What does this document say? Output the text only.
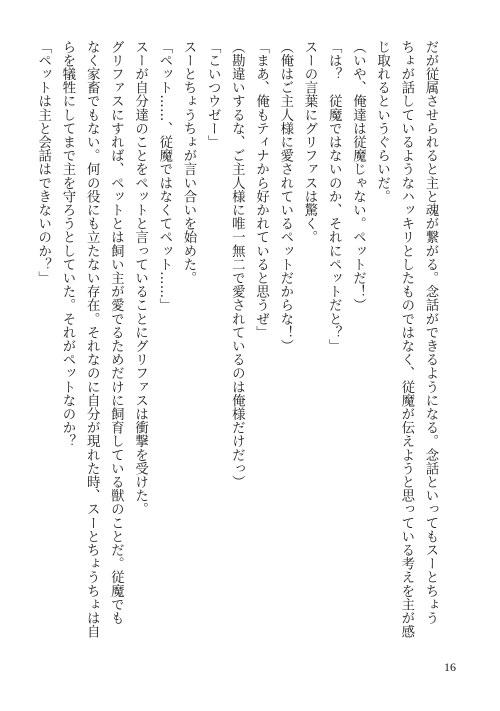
だが従属させられると主と魂が繋がる。念話ができるようになる。念話といってもスーとちょう
ちょが話しているようなハッキリとしたものではなく、従魔が伝えようと思っている考えを主が感
じ取れるというぐらいだ。
（いや、俺達は従魔じゃない。ペットだ！）
「は？　従魔ではないのか、それにペットだと？」
スーの言葉にグリファスは驚く。
（俺はご主人様に愛されているペットだからな！）
「まあ、俺もティナから好かれていると思うぜ」
（勘違いするな、ご主人様に唯一無二で愛されているのは俺様だけだっ）
「こいつウゼー」
スーとちょうちょが言い合いを始めた。
「ペット……、従魔ではなくてペット……」
スーが自分達のことをペットと言っていることにグリファスは衝撃を受けた。
グリファスにすれば、ペットとは飼い主が愛でるためだけに飼育している獣のことだ。従魔でも
なく家畜でもない。何の役にも立たない存在。それなのに自分が現れた時、スーとちょうちょは自
らを犠牲にしてまで主を守ろうとしていた。それがペットなのか？
「ペットは主と会話はできないのか？」
16
